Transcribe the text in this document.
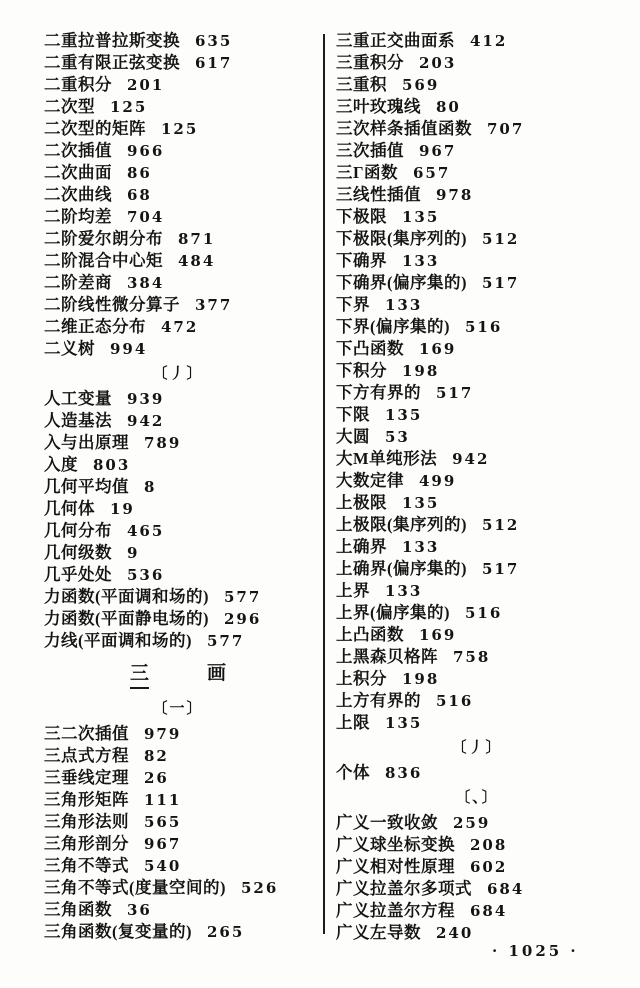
二重拉普拉斯变换 635
二重有限正弦变换 617
二重积分 201
二次型 125
二次型的矩阵 125
二次插值 966
二次曲面 86
二次曲线 68
二阶均差 704
二阶爱尔朗分布 871
二阶混合中心矩 484
二阶差商 384
二阶线性微分算子 377
二维正态分布 472
二义树 994
〔丿〕
人工变量 939
人造基法 942
入与出原理 789
入度 803
几何平均值 8
几何体 19
几何分布 465
几何级数 9
几乎处处 536
力函数(平面调和场的) 577
力函数(平面静电场的) 296
力线(平面调和场的) 577
三	画
〔一〕
三二次插值 979
三点式方程 82
三垂线定理 26
三角形矩阵 111
三角形法则 565
三角形剖分 967
三角不等式 540
三角不等式(度量空间的) 526
三角函数 36
三角函数(复变量的) 265
三重正交曲面系 412
三重积分 203
三重积 569
三叶玫瑰线 80
三次样条插值函数 707
三次插值 967
三Γ函数 657
三线性插值 978
下极限 135
下极限(集序列的) 512
下确界 133
下确界(偏序集的) 517
下界 133
下界(偏序集的) 516
下凸函数 169
下积分 198
下方有界的 517
下限 135
大圆 53
大M单纯形法 942
大数定律 499
上极限 135
上极限(集序列的) 512
上确界 133
上确界(偏序集的) 517
上界 133
上界(偏序集的) 516
上凸函数 169
上黑森贝格阵 758
上积分 198
上方有界的 516
上限 135
〔丿〕
个体 836
〔、〕
广义一致收敛 259
广义球坐标变换 208
广义相对性原理 602
广义拉盖尔多项式 684
广义拉盖尔方程 684
广义左导数 240
· 1025 ·
